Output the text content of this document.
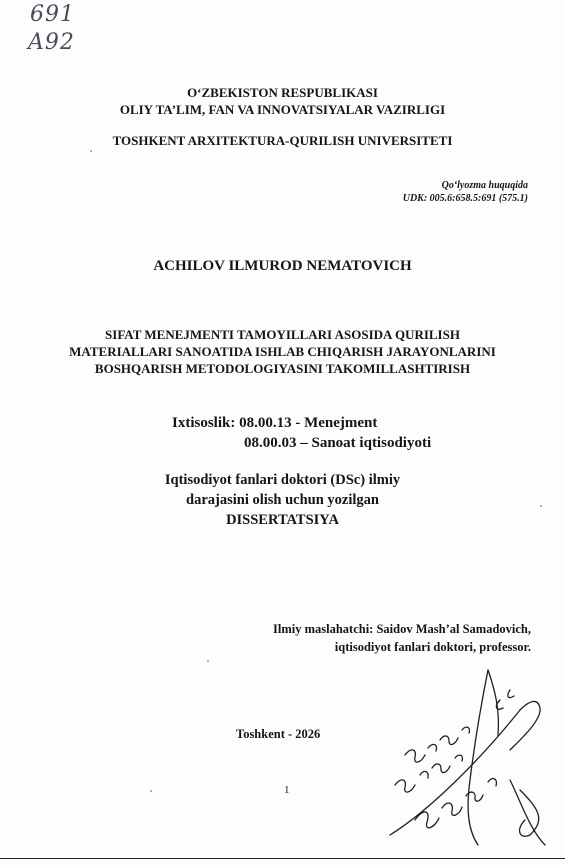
691
A92
O‘ZBEKISTON RESPUBLIKASI
OLIY TA’LIM, FAN VA INNOVATSIYALAR VAZIRLIGI
TOSHKENT ARXITEKTURA-QURILISH UNIVERSITETI
Qo‘lyozma huquqida
UDK: 005.6:658.5:691 (575.1)
ACHILOV ILMUROD NEMATOVICH
SIFAT MENEJMENTI TAMOYILLARI ASOSIDA QURILISH
MATERIALLARI SANOATIDA ISHLAB CHIQARISH JARAYONLARINI
BOSHQARISH METODOLOGIYASINI TAKOMILLASHTIRISH
Ixtisoslik: 08.00.13 - Menejment
08.00.03 – Sanoat iqtisodiyoti
Iqtisodiyot fanlari doktori (DSc) ilmiy
darajasini olish uchun yozilgan
DISSERTATSIYA
Ilmiy maslahatchi: Saidov Mash’al Samadovich,
iqtisodiyot fanlari doktori, professor.
Toshkent - 2026
1
